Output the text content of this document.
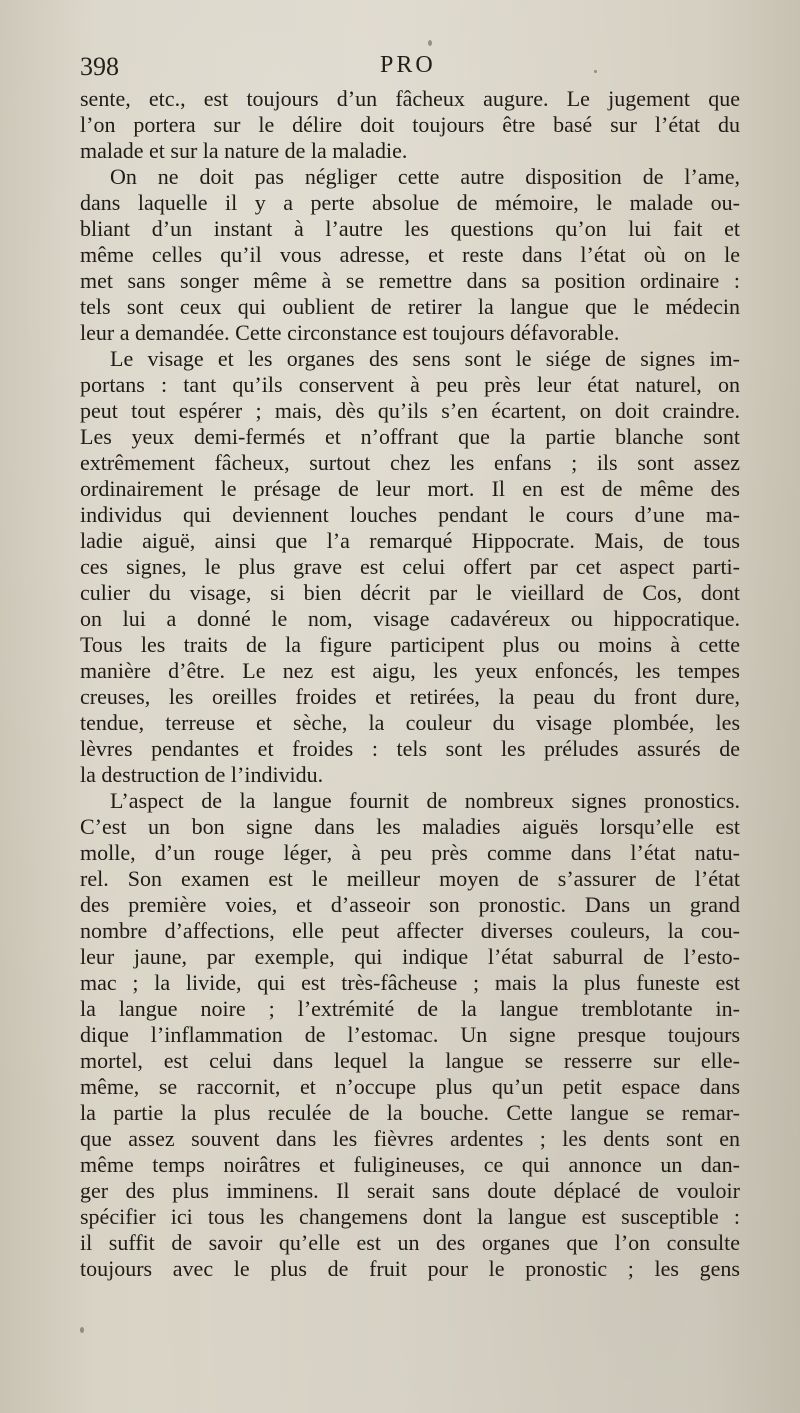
398	PRO
sente, etc., est toujours d’un fâcheux augure. Le jugement que
l’on portera sur le délire doit toujours être basé sur l’état du
malade et sur la nature de la maladie.
On ne doit pas négliger cette autre disposition de l’ame,
dans laquelle il y a perte absolue de mémoire, le malade ou-
bliant d’un instant à l’autre les questions qu’on lui fait et
même celles qu’il vous adresse, et reste dans l’état où on le
met sans songer même à se remettre dans sa position ordinaire :
tels sont ceux qui oublient de retirer la langue que le médecin
leur a demandée. Cette circonstance est toujours défavorable.
Le visage et les organes des sens sont le siége de signes im-
portans : tant qu’ils conservent à peu près leur état naturel, on
peut tout espérer ; mais, dès qu’ils s’en écartent, on doit craindre.
Les yeux demi-fermés et n’offrant que la partie blanche sont
extrêmement fâcheux, surtout chez les enfans ; ils sont assez
ordinairement le présage de leur mort. Il en est de même des
individus qui deviennent louches pendant le cours d’une ma-
ladie aiguë, ainsi que l’a remarqué Hippocrate. Mais, de tous
ces signes, le plus grave est celui offert par cet aspect parti-
culier du visage, si bien décrit par le vieillard de Cos, dont
on lui a donné le nom, visage cadavéreux ou hippocratique.
Tous les traits de la figure participent plus ou moins à cette
manière d’être. Le nez est aigu, les yeux enfoncés, les tempes
creuses, les oreilles froides et retirées, la peau du front dure,
tendue, terreuse et sèche, la couleur du visage plombée, les
lèvres pendantes et froides : tels sont les préludes assurés de
la destruction de l’individu.
L’aspect de la langue fournit de nombreux signes pronostics.
C’est un bon signe dans les maladies aiguës lorsqu’elle est
molle, d’un rouge léger, à peu près comme dans l’état natu-
rel. Son examen est le meilleur moyen de s’assurer de l’état
des première voies, et d’asseoir son pronostic. Dans un grand
nombre d’affections, elle peut affecter diverses couleurs, la cou-
leur jaune, par exemple, qui indique l’état saburral de l’esto-
mac ; la livide, qui est très-fâcheuse ; mais la plus funeste est
la langue noire ; l’extrémité de la langue tremblotante in-
dique l’inflammation de l’estomac. Un signe presque toujours
mortel, est celui dans lequel la langue se resserre sur elle-
même, se raccornit, et n’occupe plus qu’un petit espace dans
la partie la plus reculée de la bouche. Cette langue se remar-
que assez souvent dans les fièvres ardentes ; les dents sont en
même temps noirâtres et fuligineuses, ce qui annonce un dan-
ger des plus imminens. Il serait sans doute déplacé de vouloir
spécifier ici tous les changemens dont la langue est susceptible :
il suffit de savoir qu’elle est un des organes que l’on consulte
toujours avec le plus de fruit pour le pronostic ; les gens
